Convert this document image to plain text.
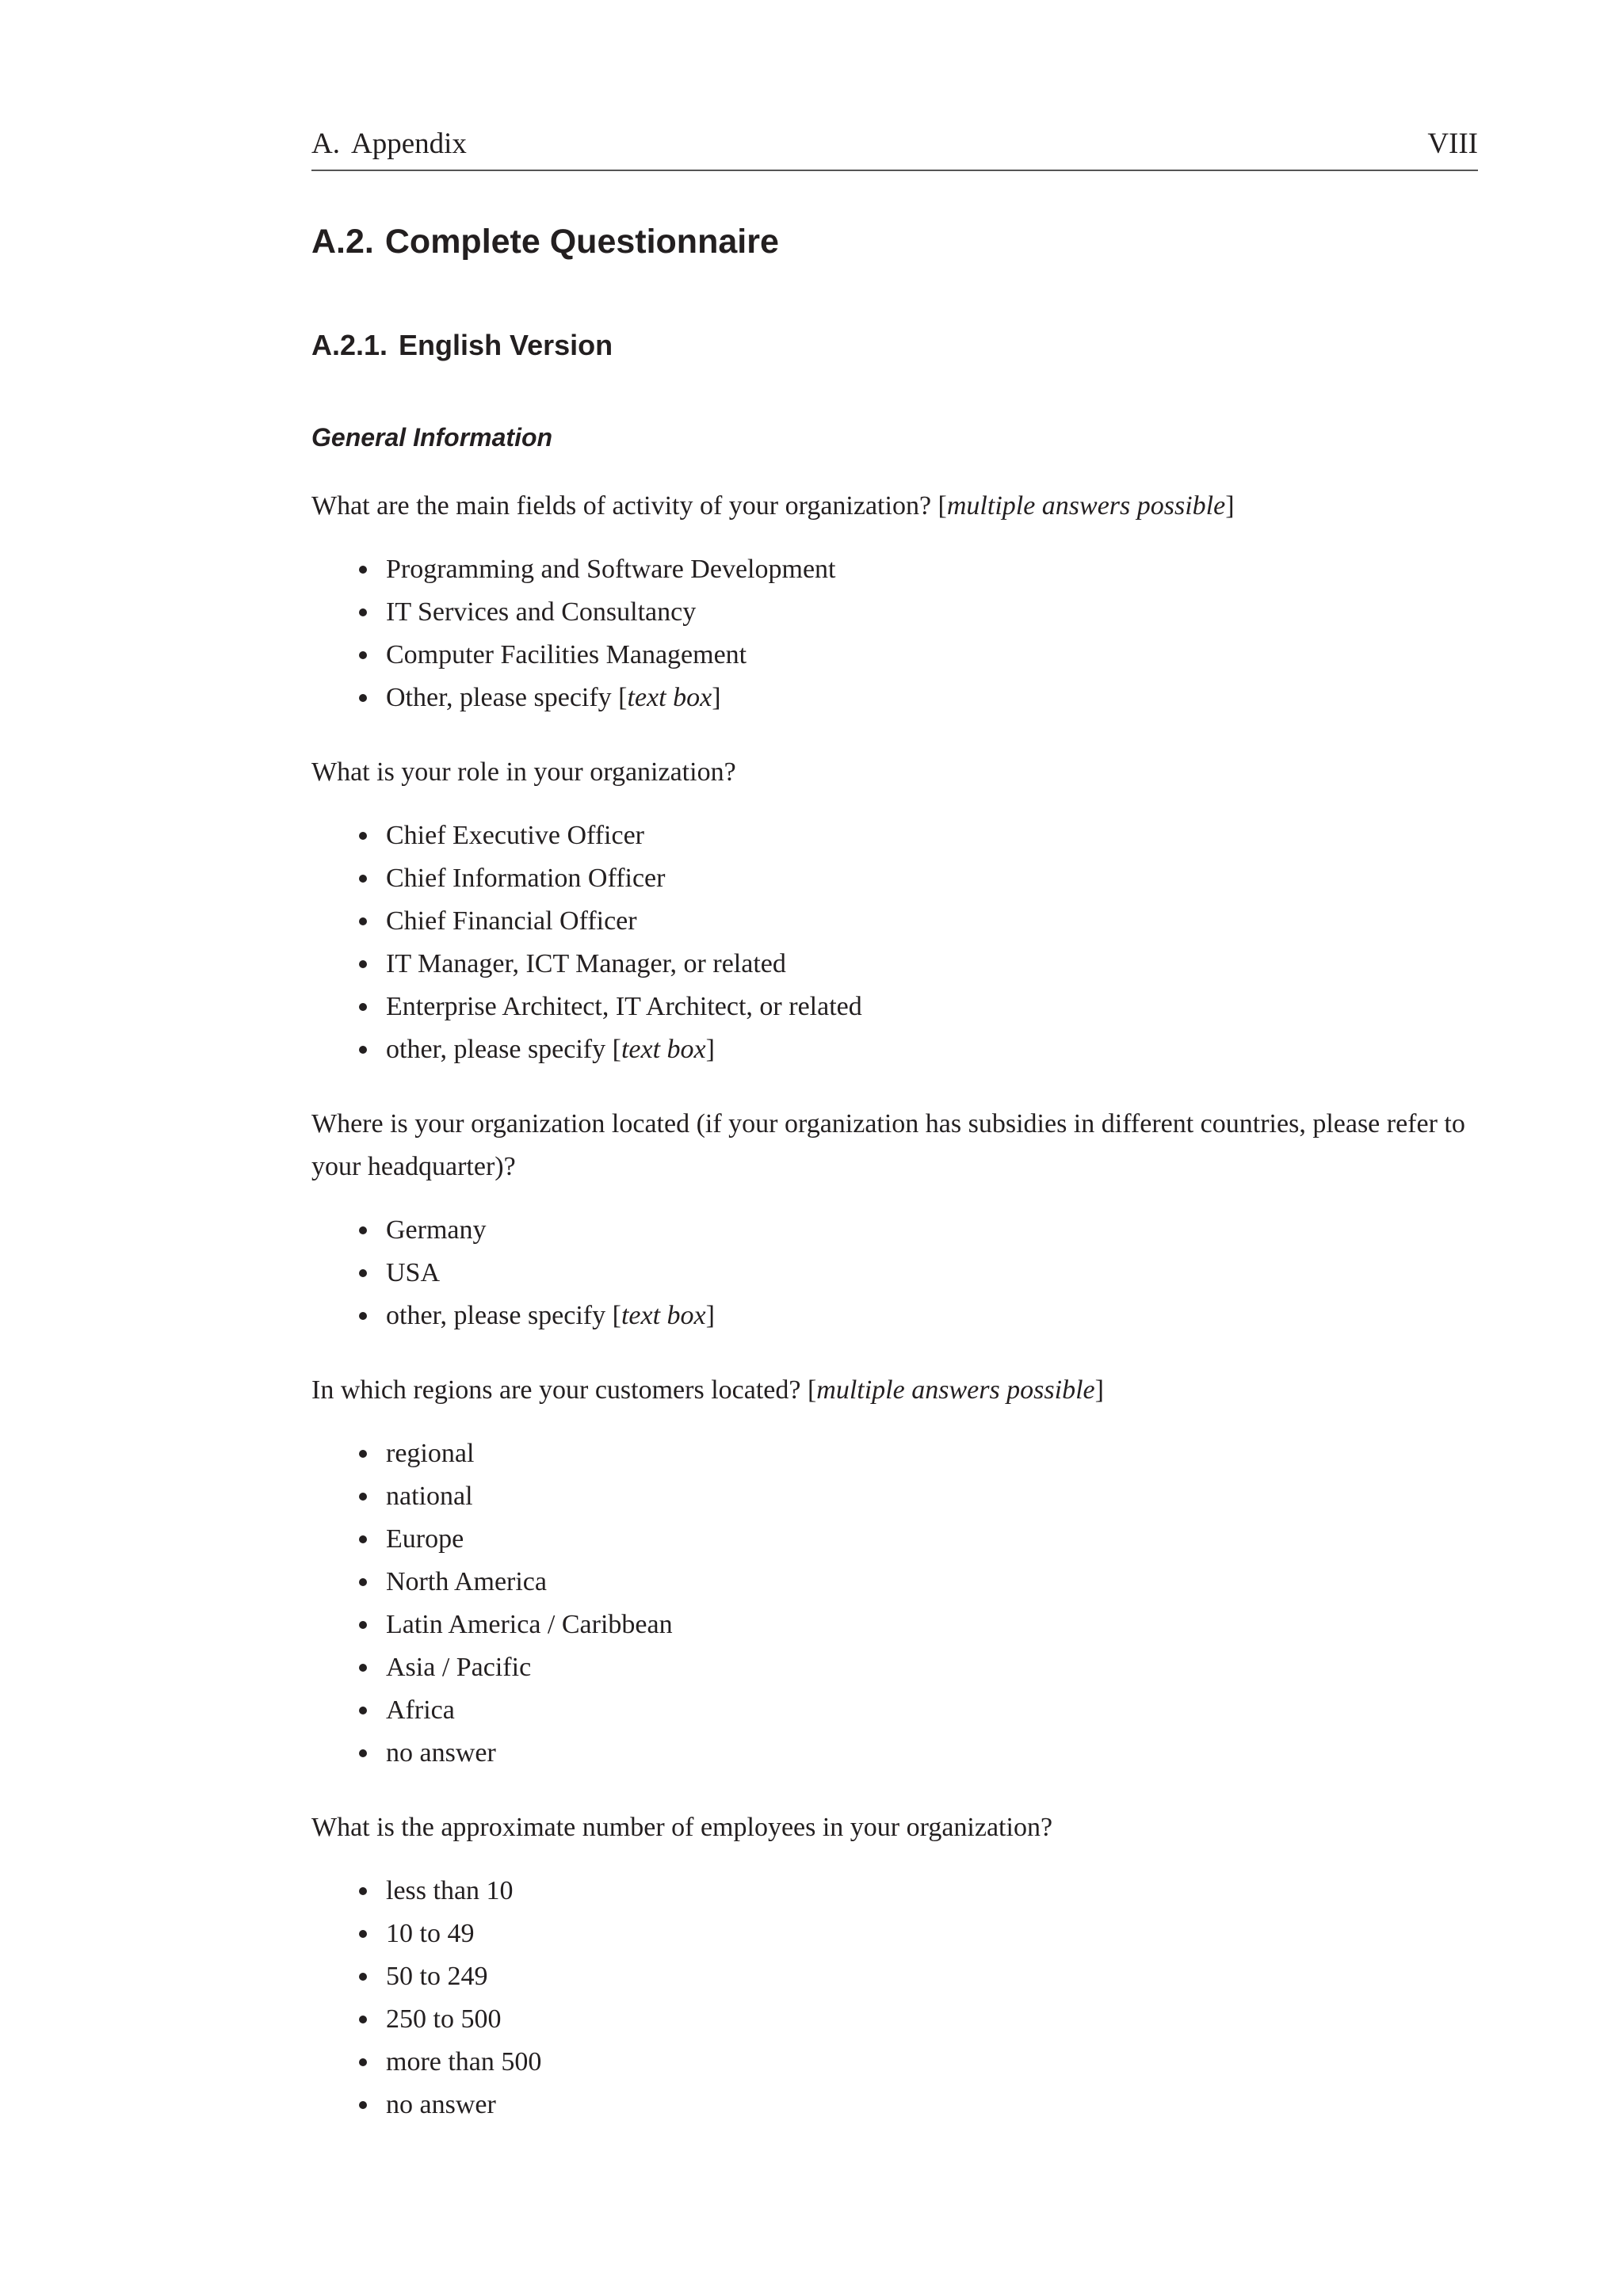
A. Appendix	VIII
A.2. Complete Questionnaire
A.2.1. English Version
General Information

What are the main fields of activity of your organization? [multiple answers possible]

Programming and Software Development
IT Services and Consultancy
Computer Facilities Management
Other, please specify [text box]

What is your role in your organization?

Chief Executive Officer
Chief Information Officer
Chief Financial Officer
IT Manager, ICT Manager, or related
Enterprise Architect, IT Architect, or related
other, please specify [text box]

Where is your organization located (if your organization has subsidies in different countries, please refer to your headquarter)?

Germany
USA
other, please specify [text box]

In which regions are your customers located? [multiple answers possible]

regional
national
Europe
North America
Latin America / Caribbean
Asia / Pacific
Africa
no answer

What is the approximate number of employees in your organization?

less than 10
10 to 49
50 to 249
250 to 500
more than 500
no answer
